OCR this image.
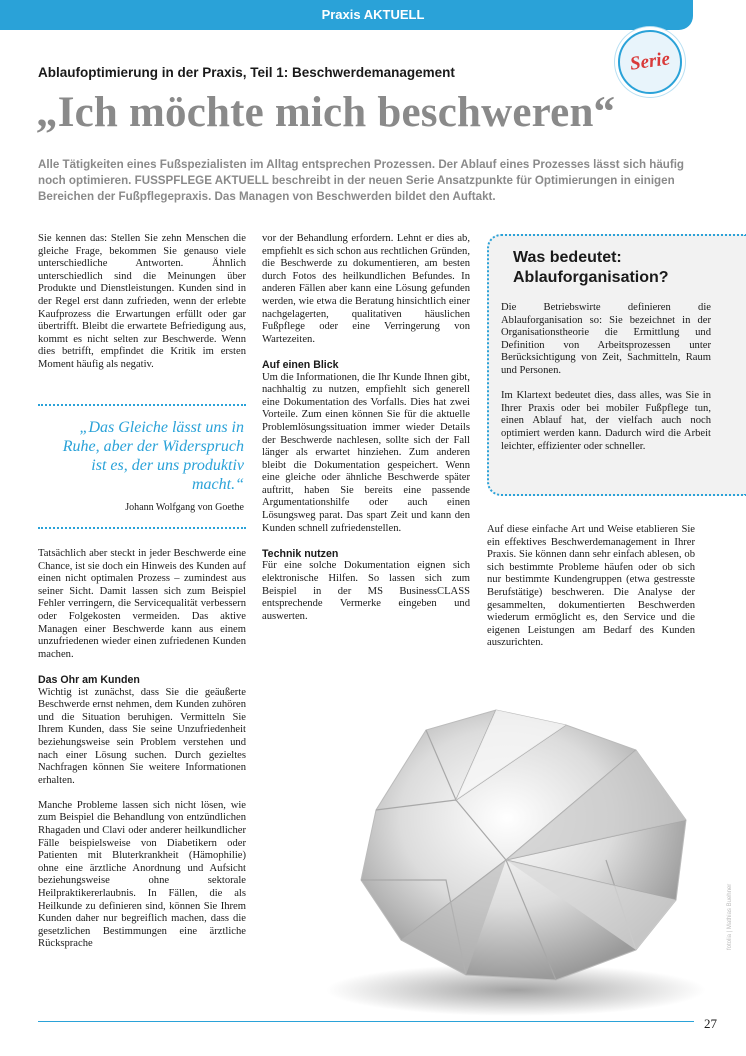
Praxis AKTUELL
Serie
Ablaufoptimierung in der Praxis, Teil 1: Beschwerdemanagement
„Ich möchte mich beschweren“
Alle Tätigkeiten eines Fußspezialisten im Alltag entsprechen Prozessen. Der Ablauf eines Prozesses lässt sich häufig noch optimieren. FUSSPFLEGE AKTUELL beschreibt in der neuen Serie Ansatzpunkte für Optimierungen in einigen Bereichen der Fußpflegepraxis. Das Managen von Beschwerden bildet den Auftakt.

Sie kennen das: Stellen Sie zehn Menschen die gleiche Frage, bekommen Sie genauso viele unterschiedliche Antworten. Ähnlich unterschiedlich sind die Meinungen über Produkte und Dienstleistungen. Kunden sind in der Regel erst dann zufrieden, wenn der erlebte Kaufprozess die Erwartungen erfüllt oder gar übertrifft. Bleibt die erwartete Befriedigung aus, kommt es nicht selten zur Beschwerde. Wenn dies betrifft, empfindet die Kritik im ersten Moment häufig als negativ.

„Das Gleiche lässt uns in Ruhe, aber der Widerspruch ist es, der uns produktiv macht.“
Johann Wolfgang von Goethe

Tatsächlich aber steckt in jeder Beschwerde eine Chance, ist sie doch ein Hinweis des Kunden auf einen nicht optimalen Prozess – zumindest aus seiner Sicht. Damit lassen sich zum Beispiel Fehler verringern, die Servicequalität verbessern oder Folgekosten vermeiden. Das aktive Managen einer Beschwerde kann aus einem unzufriedenen wieder einen zufriedenen Kunden machen.

Das Ohr am Kunden

Wichtig ist zunächst, dass Sie die geäußerte Beschwerde ernst nehmen, dem Kunden zuhören und die Situation beruhigen. Vermitteln Sie Ihrem Kunden, dass Sie seine Unzufriedenheit beziehungsweise sein Problem verstehen und nach einer Lösung suchen. Durch gezieltes Nachfragen können Sie weitere Informationen erhalten.

Manche Probleme lassen sich nicht lösen, wie zum Beispiel die Behandlung von entzündlichen Rhagaden und Clavi oder anderer heilkundlicher Fälle beispielsweise von Diabetikern oder Patienten mit Bluterkrankheit (Hämophilie) ohne eine ärztliche Anordnung und Aufsicht beziehungsweise ohne sektorale Heilpraktikererlaubnis. In Fällen, die als Heilkunde zu definieren sind, können Sie Ihrem Kunden daher nur begreiflich machen, dass die gesetzlichen Bestimmungen eine ärztliche Rücksprache

vor der Behandlung erfordern. Lehnt er dies ab, empfiehlt es sich schon aus rechtlichen Gründen, die Beschwerde zu dokumentieren, am besten durch Fotos des heilkundlichen Befundes. In anderen Fällen aber kann eine Lösung gefunden werden, wie etwa die Beratung hinsichtlich einer nachgelagerten, qualitativen häuslichen Fußpflege oder eine Verringerung von Wartezeiten.

Auf einen Blick

Um die Informationen, die Ihr Kunde Ihnen gibt, nachhaltig zu nutzen, empfiehlt sich generell eine Dokumentation des Vorfalls. Dies hat zwei Vorteile. Zum einen können Sie für die aktuelle Problemlösungssituation immer wieder Details der Beschwerde nachlesen, sollte sich der Fall länger als erwartet hinziehen. Zum anderen bleibt die Dokumentation gespeichert. Wenn eine gleiche oder ähnliche Beschwerde später auftritt, haben Sie bereits eine passende Argumentationshilfe oder auch einen Lösungsweg parat. Das spart Zeit und kann den Kunden schnell zufriedenstellen.

Technik nutzen

Für eine solche Dokumentation eignen sich elektronische Hilfen. So lassen sich zum Beispiel in der MS BusinessCLASS entsprechende Vermerke eingeben und auswerten.

Was bedeutet: Ablauforganisation?

Die Betriebswirte definieren die Ablauforganisation so: Sie bezeichnet in der Organisationstheorie die Ermittlung und Definition von Arbeitsprozessen unter Berücksichtigung von Zeit, Sachmitteln, Raum und Personen.

Im Klartext bedeutet dies, dass alles, was Sie in Ihrer Praxis oder bei mobiler Fußpflege tun, einen Ablauf hat, der vielfach auch noch optimiert werden kann. Dadurch wird die Arbeit leichter, effizienter oder schneller.

Auf diese einfache Art und Weise etablieren Sie ein effektives Beschwerdemanagement in Ihrer Praxis. Sie können dann sehr einfach ablesen, ob sich bestimmte Probleme häufen oder ob sich nur bestimmte Kundengruppen (etwa gestresste Berufstätige) beschweren. Die Analyse der gesammelten, dokumentierten Beschwerden wiederum ermöglicht es, den Service und die eigenen Leistungen am Bedarf des Kunden auszurichten.

fotolia | Mathias Buehner
FUSSPFLEGE AKTUELL 3/2014	27
